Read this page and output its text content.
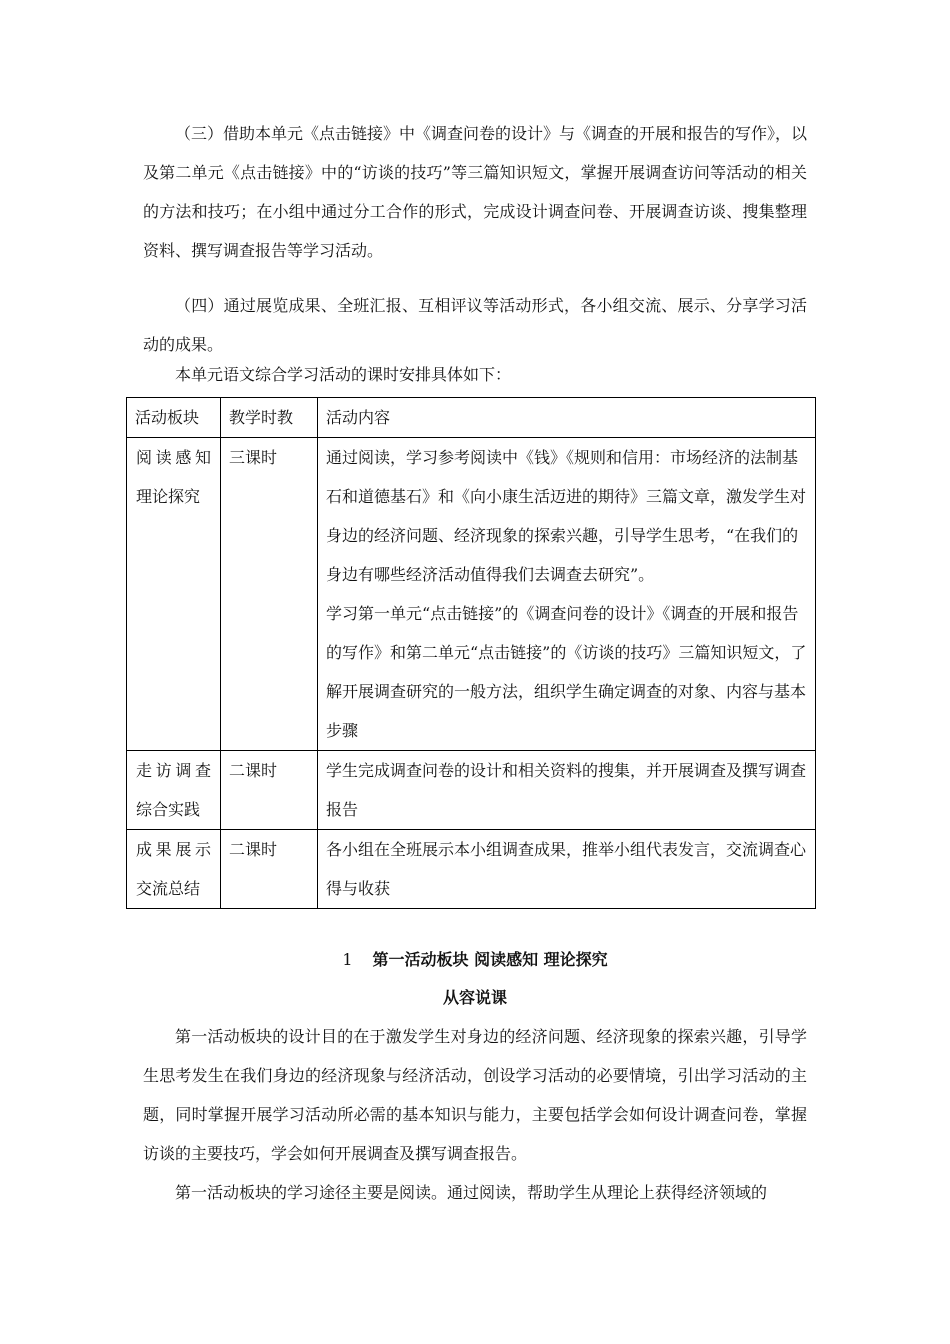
（三）借助本单元《点击链接》中《调查问卷的设计》与《调查的开展和报告的写作》，以及第二单元《点击链接》中的“访谈的技巧”等三篇知识短文，掌握开展调查访问等活动的相关的方法和技巧；在小组中通过分工合作的形式，完成设计调查问卷、开展调查访谈、搜集整理资料、撰写调查报告等学习活动。

（四）通过展览成果、全班汇报、互相评议等活动形式，各小组交流、展示、分享学习活动的成果。

本单元语文综合学习活动的课时安排具体如下：

活动板块	教学时教	活动内容
阅读感知理论探究	三课时	通过阅读，学习参考阅读中《钱》《规则和信用：市场经济的法制基石和道德基石》和《向小康生活迈进的期待》三篇文章，激发学生对身边的经济问题、经济现象的探索兴趣，引导学生思考，“在我们的身边有哪些经济活动值得我们去调查去研究”。
学习第一单元“点击链接”的《调查问卷的设计》《调查的开展和报告的写作》和第二单元“点击链接”的《访谈的技巧》三篇知识短文，了解开展调查研究的一般方法，组织学生确定调查的对象、内容与基本步骤

走访调查综合实践	二课时	学生完成调查问卷的设计和相关资料的搜集，并开展调查及撰写调查报告

成果展示交流总结	二课时	各小组在全班展示本小组调查成果，推举小组代表发言，交流调查心得与收获

1 第一活动板块 阅读感知 理论探究

从容说课

第一活动板块的设计目的在于激发学生对身边的经济问题、经济现象的探索兴趣，引导学生思考发生在我们身边的经济现象与经济活动，创设学习活动的必要情境，引出学习活动的主题，同时掌握开展学习活动所必需的基本知识与能力，主要包括学会如何设计调查问卷，掌握访谈的主要技巧，学会如何开展调查及撰写调查报告。

第一活动板块的学习途径主要是阅读。通过阅读，帮助学生从理论上获得经济领域的
